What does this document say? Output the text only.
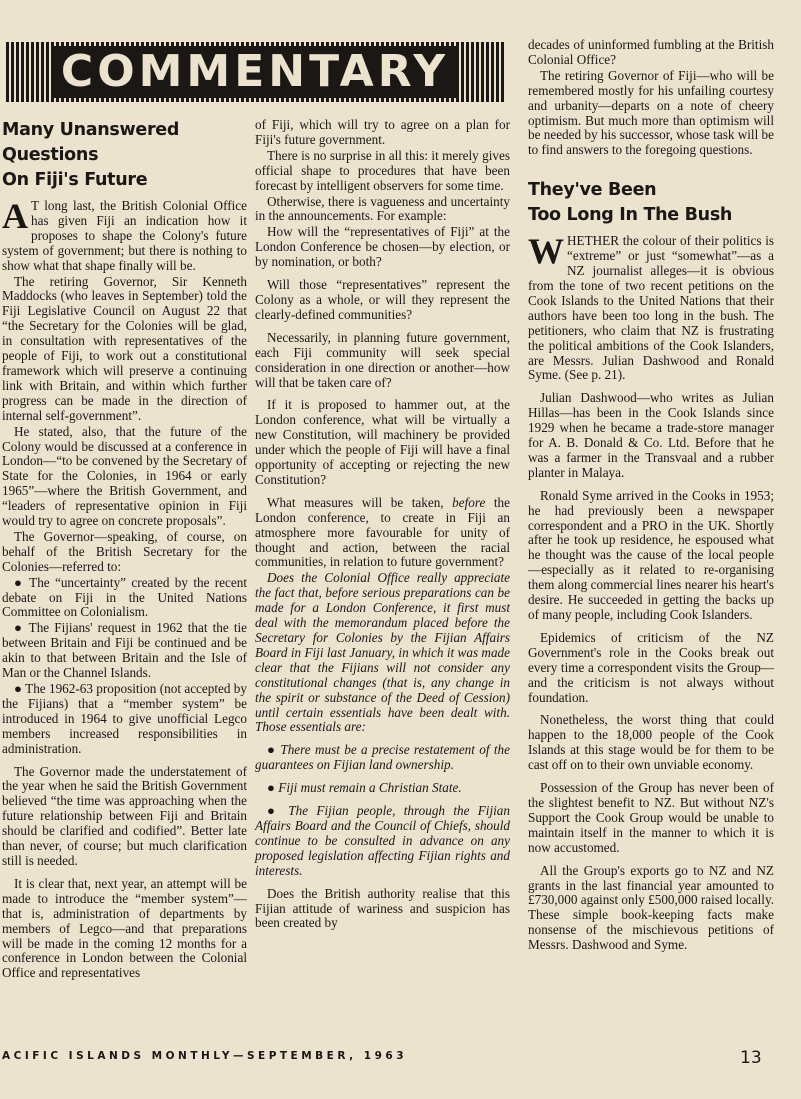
COMMENTARY
Many Unanswered Questions
On Fiji's Future

A T long last, the British Colonial Office has given Fiji an indication how it proposes to shape the Colony's future system of government; but there is nothing to show what that shape finally will be.

The retiring Governor, Sir Kenneth Maddocks (who leaves in September) told the Fiji Legislative Council on August 22 that “the Secretary for the Colonies will be glad, in consultation with representatives of the people of Fiji, to work out a constitutional framework which will preserve a continuing link with Britain, and within which further progress can be made in the direction of internal self-government”.

He stated, also, that the future of the Colony would be discussed at a conference in London—“to be convened by the Secretary of State for the Colonies, in 1964 or early 1965”—where the British Government, and “leaders of representative opinion in Fiji would try to agree on concrete proposals”.

The Governor—speaking, of course, on behalf of the British Secretary for the Colonies—referred to:

● The “uncertainty” created by the recent debate on Fiji in the United Nations Committee on Colonialism.

● The Fijians' request in 1962 that the tie between Britain and Fiji be continued and be akin to that between Britain and the Isle of Man or the Channel Islands.

● The 1962-63 proposition (not accepted by the Fijians) that a “member system” be introduced in 1964 to give unofficial Legco members increased responsibilities in administration.

The Governor made the understatement of the year when he said the British Government believed “the time was approaching when the future relationship between Fiji and Britain should be clarified and codified”. Better late than never, of course; but much clarification still is needed.

It is clear that, next year, an attempt will be made to introduce the “member system”—that is, administration of departments by members of Legco—and that preparations will be made in the coming 12 months for a conference in London between the Colonial Office and representatives

of Fiji, which will try to agree on a plan for Fiji's future government.

There is no surprise in all this: it merely gives official shape to procedures that have been forecast by intelligent observers for some time.

Otherwise, there is vagueness and uncertainty in the announcements. For example:

How will the “representatives of Fiji” at the London Conference be chosen—by election, or by nomination, or both?

Will those “representatives” represent the Colony as a whole, or will they represent the clearly-defined communities?

Necessarily, in planning future government, each Fiji community will seek special consideration in one direction or another—how will that be taken care of?

If it is proposed to hammer out, at the London conference, what will be virtually a new Constitution, will machinery be provided under which the people of Fiji will have a final opportunity of accepting or rejecting the new Constitution?

What measures will be taken, before the London conference, to create in Fiji an atmosphere more favourable for unity of thought and action, between the racial communities, in relation to future government?

Does the Colonial Office really appreciate the fact that, before serious preparations can be made for a London Conference, it first must deal with the memorandum placed before the Secretary for Colonies by the Fijian Affairs Board in Fiji last January, in which it was made clear that the Fijians will not consider any constitutional changes (that is, any change in the spirit or substance of the Deed of Cession) until certain essentials have been dealt with. Those essentials are:

● There must be a precise restatement of the guarantees on Fijian land ownership.

● Fiji must remain a Christian State.

● The Fijian people, through the Fijian Affairs Board and the Council of Chiefs, should continue to be consulted in advance on any proposed legislation affecting Fijian rights and interests.

Does the British authority realise that this Fijian attitude of wariness and suspicion has been created by

decades of uninformed fumbling at the British Colonial Office?

The retiring Governor of Fiji—who will be remembered mostly for his unfailing courtesy and urbanity—departs on a note of cheery optimism. But much more than optimism will be needed by his successor, whose task will be to find answers to the foregoing questions.

They've Been
Too Long In The Bush

WHETHER the colour of their politics is “extreme” or just “somewhat”—as a NZ journalist alleges—it is obvious from the tone of two recent petitions on the Cook Islands to the United Nations that their authors have been too long in the bush. The petitioners, who claim that NZ is frustrating the political ambitions of the Cook Islanders, are Messrs. Julian Dashwood and Ronald Syme. (See p. 21).

Julian Dashwood—who writes as Julian Hillas—has been in the Cook Islands since 1929 when he became a trade-store manager for A. B. Donald & Co. Ltd. Before that he was a farmer in the Transvaal and a rubber planter in Malaya.

Ronald Syme arrived in the Cooks in 1953; he had previously been a newspaper correspondent and a PRO in the UK. Shortly after he took up residence, he espoused what he thought was the cause of the local people—especially as it related to re-organising them along commercial lines nearer his heart's desire. He succeeded in getting the backs up of many people, including Cook Islanders.

Epidemics of criticism of the NZ Government's role in the Cooks break out every time a correspondent visits the Group—and the criticism is not always without foundation.

Nonetheless, the worst thing that could happen to the 18,000 people of the Cook Islands at this stage would be for them to be cast off on to their own unviable economy.

Possession of the Group has never been of the slightest benefit to NZ. But without NZ's Support the Cook Group would be unable to maintain itself in the manner to which it is now accustomed.

All the Group's exports go to NZ and NZ grants in the last financial year amounted to £730,000 against only £500,000 raised locally. These simple book-keeping facts make nonsense of the mischievous petitions of Messrs. Dashwood and Syme.

ACIFIC ISLANDS MONTHLY—SEPTEMBER, 1963	13
